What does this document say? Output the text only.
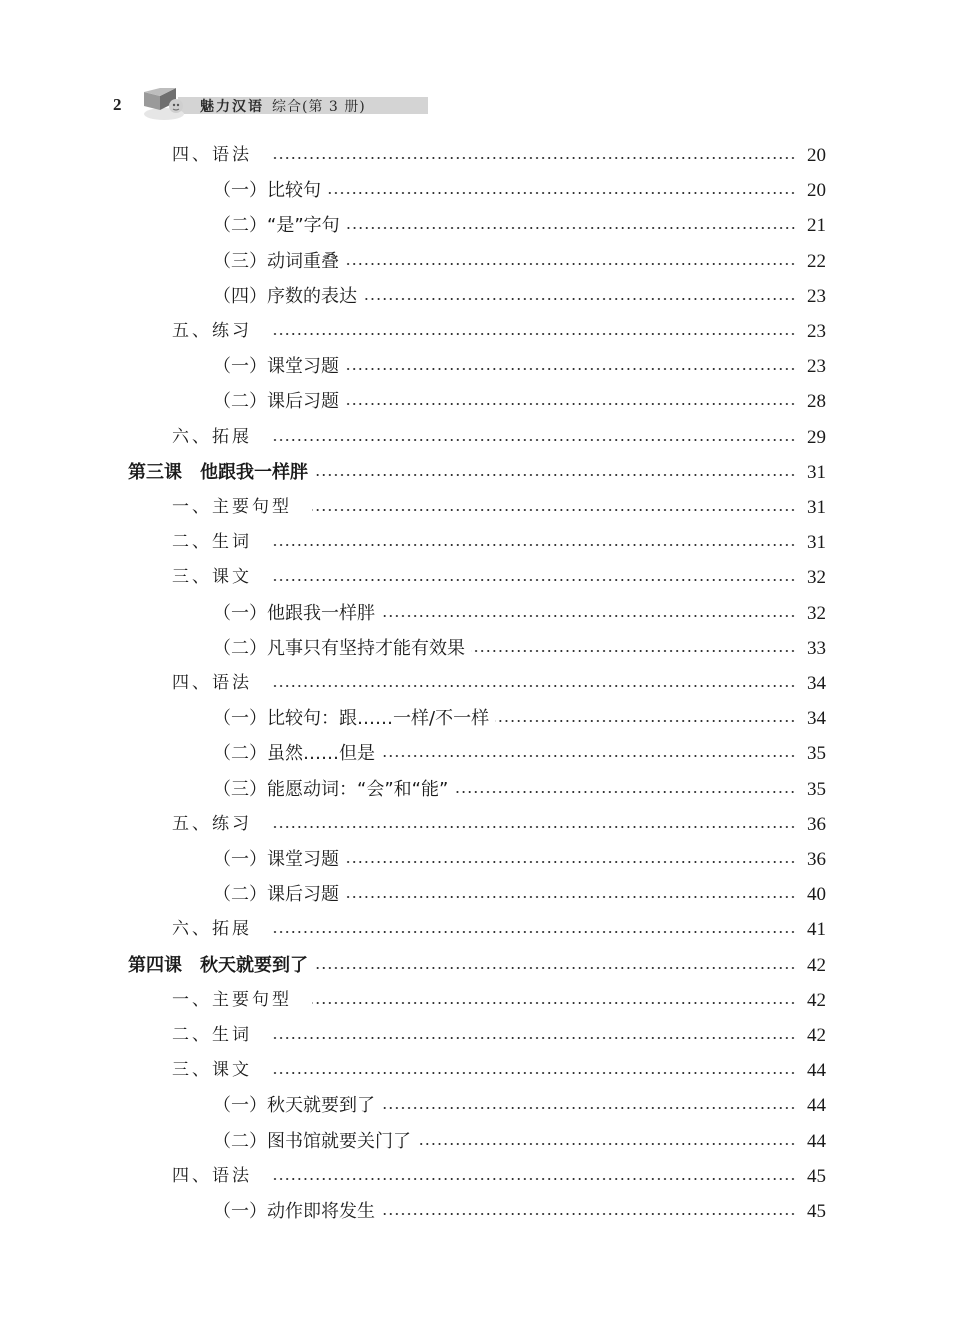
2	魅力汉语 综合(第 3 册)
四、语法	20
（一）比较句	20
（二）“是”字句	21
（三）动词重叠	22
（四）序数的表达	23
五、练习	23
（一）课堂习题	23
（二）课后习题	28
六、拓展	29
第三课　他跟我一样胖	31
一、主要句型	31
二、生词	31
三、课文	32
（一）他跟我一样胖	32
（二）凡事只有坚持才能有效果	33
四、语法	34
（一）比较句：跟……一样/不一样	34
（二）虽然……但是	35
（三）能愿动词：“会”和“能”	35
五、练习	36
（一）课堂习题	36
（二）课后习题	40
六、拓展	41
第四课　秋天就要到了	42
一、主要句型	42
二、生词	42
三、课文	44
（一）秋天就要到了	44
（二）图书馆就要关门了	44
四、语法	45
（一）动作即将发生	45
